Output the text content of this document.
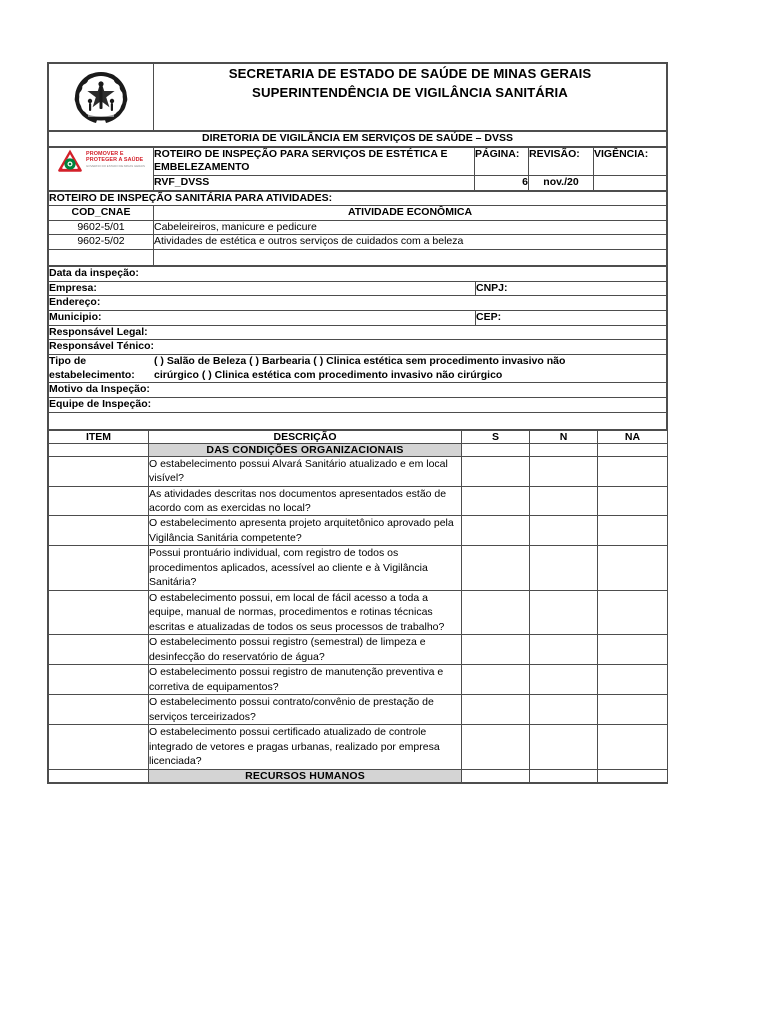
SECRETARIA DE ESTADO DE SAÚDE DE MINAS GERAIS
SUPERINTENDÊNCIA DE VIGILÂNCIA SANITÁRIA
DIRETORIA DE VIGILÂNCIA EM SERVIÇOS DE SAÚDE – DVSS
PROMOVER E
PROTEGER A SAÚDE
GOVERNO DO ESTADO DE MINAS GERAIS	ROTEIRO DE INSPEÇÃO PARA SERVIÇOS DE ESTÉTICA E EMBELEZAMENTO	PÁGINA:	REVISÃO:	VIGÊNCIA:
	RVF_DVSS	6	nov./20	
ROTEIRO DE INSPEÇÃO SANITÁRIA PARA ATIVIDADES:	
COD_CNAE	ATIVIDADE ECONÔMICA
9602-5/01	Cabeleireiros, manicure e pedicure
9602-5/02	Atividades de estética e outros serviços de cuidados com a beleza

Data da inspeção:	
Empresa:	CNPJ:
Endereço:	
Municipio:	CEP:
Responsável Legal:	
Responsável Ténico:	

Tipo de ( ) Salão de Beleza ( ) Barbearia ( ) Clinica estética sem procedimento invasivo não
estabelecimento: cirúrgico ( ) Clinica estética com procedimento invasivo não cirúrgico	

Motivo da Inspeção:	
Equipe de Inspeção:	

ITEM	DESCRIÇÃO	S	N	NA
	DAS CONDIÇÕES ORGANIZACIONAIS			
	O estabelecimento possui Alvará Sanitário atualizado e em local visível?			
	As atividades descritas nos documentos apresentados estão de acordo com as exercidas no local?			
	O estabelecimento apresenta projeto arquitetônico aprovado pela Vigilância Sanitária competente?			
	Possui prontuário individual, com registro de todos os procedimentos aplicados, acessível ao cliente e à Vigilância Sanitária?			
	O estabelecimento possui, em local de fácil acesso a toda a equipe, manual de normas, procedimentos e rotinas técnicas escritas e atualizadas de todos os seus processos de trabalho?			
	O estabelecimento possui registro (semestral) de limpeza e desinfecção do reservatório de água?			
	O estabelecimento possui registro de manutenção preventiva e corretiva de equipamentos?			
	O estabelecimento possui contrato/convênio de prestação de serviços terceirizados?			
	O estabelecimento possui certificado atualizado de controle integrado de vetores e pragas urbanas, realizado por empresa licenciada?			
	RECURSOS HUMANOS			
